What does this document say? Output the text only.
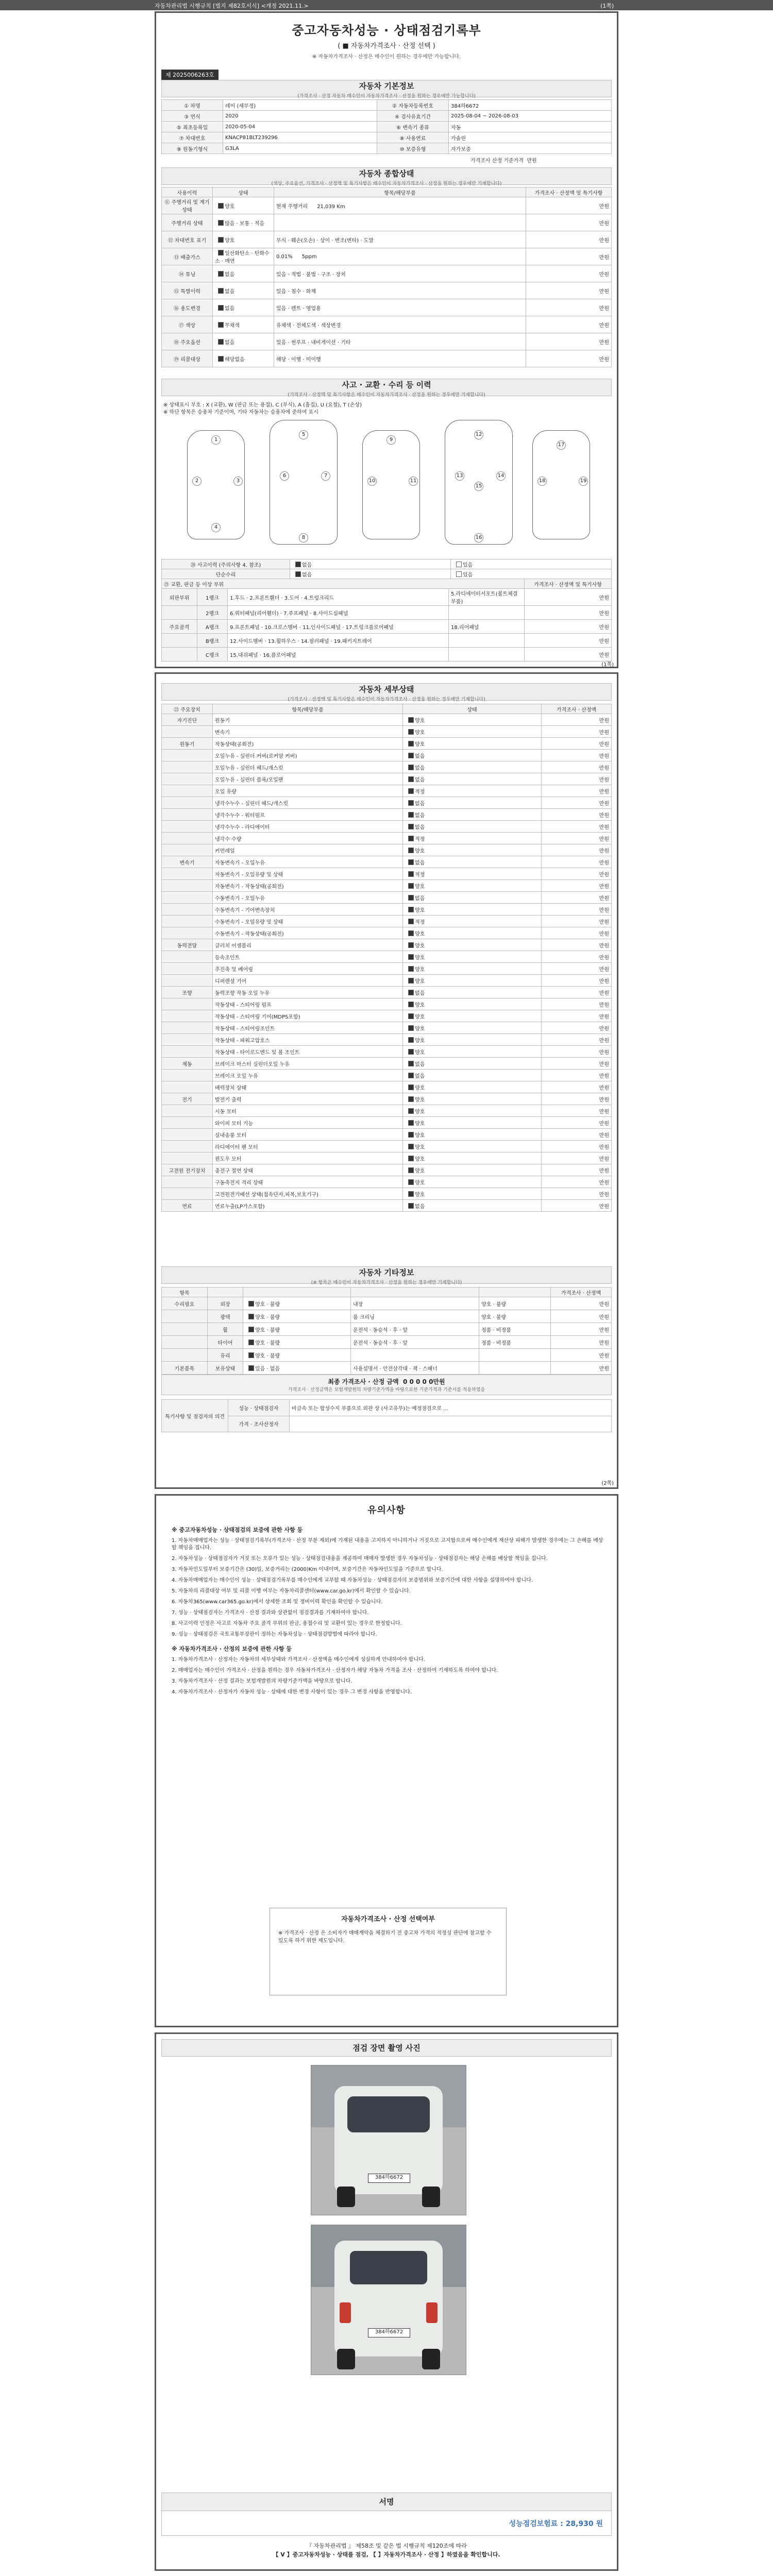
자동차관리법 시행규칙 [별지 제82호서식] <개정 2021.11.>	(1쪽)
중고자동차성능 · 상태점검기록부
( ■ 자동차가격조사 · 산정 선택 )
※ 자동차가격조사 · 산정은 매수인이 원하는 경우에만 가능합니다.
제 2025006263호
자동차 기본정보
(가격조사 · 산정 자동차 매수인이 자동차가격조사 · 산정을 원하는 경우에만 가능합니다)
① 차명	레이 (새부정)	② 자동차등록번호	384하6672
③ 연식	2020	④ 검사유효기간	2025-08-04 ~ 2026-08-03
⑤ 최초등록일	2020-05-04	⑥ 변속기 종류	자동
⑦ 차대번호	KNACP81BLT239296	⑧ 사용연료	가솔린
⑨ 원동기형식	G3LA	⑩ 보증유형	자가보증
가격조사 산정 기준가격 만원
자동차 종합상태
(색상, 주요옵션, 가격조사 · 산정액 및 특기사항은 매수인이 자동차가격조사 · 산정을 원하는 경우에만 기재합니다)
사용이력	상태	항목/해당부품	가격조사 · 산정액 및 특기사항
⑪ 주행거리 및 계기상태	양호	현재 주행거리 21,039 Km	만원
주행거리 상태	많음 · 보통 · 적음		만원
⑫ 차대번호 표기	양호	부식 · 훼손(오손) · 상이 · 변조(변타) · 도말	만원
⑬ 배출가스	일산화탄소 · 탄화수소 · 매연	0.01% 5ppm	만원
⑭ 튜닝	없음	있음 · 적법 · 불법 · 구조 · 장치	만원
⑮ 특별이력	없음	있음 · 침수 · 화재	만원
⑯ 용도변경	없음	있음 · 렌트 · 영업용	만원
⑰ 색상	무채색	유채색 · 전체도색 · 색상변경	만원
⑱ 주요옵션	없음	있음 · 썬루프 · 내비게이션 · 기타	만원
⑲ 리콜대상	해당없음	해당 · 이행 · 미이행	만원
사고 · 교환 · 수리 등 이력
(가격조사 · 산정액 및 특기사항은 매수인이 자동차가격조사 · 산정을 원하는 경우에만 기재합니다)
※ 상태표시 부호 : X (교환), W (판금 또는 용접), C (부식), A (흠집), U (요철), T (손상)
※ 하단 항목은 승용차 기준이며, 기타 자동차는 승용차에 준하여 표시
1
2	3
4
5
6	7
8
9
10	11
12
13	14
15
16
17
18	19
⑳ 사고이력 (주의사항 4. 참조)	없음	있음
단순수리	없음	있음
㉑ 교환, 판금 등 이상 부위				가격조사 · 산정액 및 특기사항
외판부위	1랭크	1.후드 · 2.프론트휀더 · 3.도어 · 4.트렁크리드	5.라디에이터서포트(볼트체결부품)	만원
	2랭크	6.쿼터패널(리어휀더) · 7.루프패널 · 8.사이드실패널		만원
주요골격	A랭크	9.프론트패널 · 10.크로스멤버 · 11.인사이드패널 · 17.트렁크플로어패널	18.리어패널	만원
	B랭크	12.사이드멤버 · 13.휠하우스 · 14.필러패널 · 19.패키지트레이		만원
	C랭크	15.대쉬패널 · 16.플로어패널		만원
(1쪽)
자동차 세부상태
(가격조사 · 산정액 및 특기사항은 매수인이 자동차가격조사 · 산정을 원하는 경우에만 기재합니다)
㉒ 주요장치	항목/해당부품	상태	가격조사 · 산정액
자기진단	원동기	양호	만원
	변속기	양호	만원
원동기	작동상태(공회전)	양호	만원
	오일누유 - 실린더 커버(로커암 커버)	없음	만원
	오일누유 - 실린더 헤드/개스킷	없음	만원
	오일누유 - 실린더 블록/오일팬	없음	만원
	오일 유량	적정	만원
	냉각수누수 - 실린더 헤드/개스킷	없음	만원
	냉각수누수 - 워터펌프	없음	만원
	냉각수누수 - 라디에이터	없음	만원
	냉각수 수량	적정	만원
	커먼레일	양호	만원
변속기	자동변속기 - 오일누유	없음	만원
	자동변속기 - 오일유량 및 상태	적정	만원
	자동변속기 - 작동상태(공회전)	양호	만원
	수동변속기 - 오일누유	없음	만원
	수동변속기 - 기어변속장치	양호	만원
	수동변속기 - 오일유량 및 상태	적정	만원
	수동변속기 - 작동상태(공회전)	양호	만원
동력전달	클러치 어셈블리	양호	만원
	등속조인트	양호	만원
	추진축 및 베어링	양호	만원
	디퍼렌셜 기어	양호	만원
조향	동력조향 작동 오일 누유	없음	만원
	작동상태 - 스티어링 펌프	양호	만원
	작동상태 - 스티어링 기어(MDPS포함)	양호	만원
	작동상태 - 스티어링조인트	양호	만원
	작동상태 - 파워고압호스	양호	만원
	작동상태 - 타이로드엔드 및 볼 조인트	양호	만원
제동	브레이크 마스터 실린더오일 누유	없음	만원
	브레이크 오일 누유	없음	만원
	배력장치 상태	양호	만원
전기	발전기 출력	양호	만원
	시동 모터	양호	만원
	와이퍼 모터 기능	양호	만원
	실내송풍 모터	양호	만원
	라디에이터 팬 모터	양호	만원
	윈도우 모터	양호	만원
고전원 전기장치	충전구 절연 상태	양호	만원
	구동축전지 격리 상태	양호	만원
	고전원전기배선 상태(접속단자,피복,보호기구)	양호	만원
연료	연료누출(LP가스포함)	없음	만원
자동차 기타정보
(※ 항목은 매수인이 자동차가격조사 · 산정을 원하는 경우에만 기재합니다)
항목					가격조사 · 산정액
수리필요	외장	양호 · 불량	내장	양호 · 불량	만원
	광택	양호 · 불량	룸 크리닝	양호 · 불량	만원
	휠	양호 · 불량	운전석 · 동승석 · 후 · 앞	정품 · 비정품	만원
	타이어	양호 · 불량	운전석 · 동승석 · 후 · 앞	정품 · 비정품	만원
	유리	양호 · 불량			만원
기본품목	보유상태	있음 · 없음	사용설명서 · 안전삼각대 · 잭 · 스패너		만원
최종 가격조사 · 산정 금액 0 0 0 0 0만원
가격조사 · 산정금액은 보험개발원의 차량기준가액을 바탕으로한 기준가격과 기준서를 적용하였음
특기사항 및 점검자의 의견	성능 · 상태점검자	비금속 또는 합성수지 부품으로 외관 상 (사고유무)는 예정점검으로 ...
	가격 · 조사산정자	
(2쪽)
유의사항

※ 중고자동차성능 · 상태점검의 보증에 관한 사항 등

1. 자동차매매업자는 성능 · 상태점검기록부(가격조사 · 산정 부분 제외)에 기재된 내용을 고지하지 아니하거나 거짓으로 고지함으로써 매수인에게 재산상 피해가 발생한 경우에는 그 손해를 배상할 책임을 집니다.

2. 자동차성능 · 상태점검자가 거짓 또는 오류가 있는 성능 · 상태점검내용을 제공하여 매매자 발생한 경우 자동차성능 · 상태점검자는 해당 손해를 배상할 책임을 집니다.

3. 자동차인도일부터 보증기간은 (30)일, 보증거리는 (2000)Km 이내이며, 보증기간은 자동차인도일을 기준으로 합니다.

4. 자동차매매업자는 매수인이 성능 · 상태점검기록부를 매수인에게 교부할 때 자동차성능 · 상태점검자의 보증범위와 보증기간에 대한 사항을 설명하여야 합니다.

5. 자동차의 리콜대상 여부 및 리콜 이행 여부는 자동차리콜센터(www.car.go.kr)에서 확인할 수 있습니다.

6. 자동차365(www.car365.go.kr)에서 상세한 조회 및 정비이력 확인을 확인할 수 있습니다.

7. 성능 · 상태점검자는 가격조사 · 산정 결과와 상관없이 점검결과를 기재하여야 합니다.

8. 사고이력 인정은 사고로 자동차 주요 골격 부위의 판금, 용접수리 및 교환이 있는 경우로 한정합니다.

9. 성능 · 상태점검은 국토교통부장관이 정하는 자동차성능 · 상태점검방법에 따라야 합니다.

※ 자동차가격조사 · 산정의 보증에 관한 사항 등

1. 자동차가격조사 · 산정자는 자동차의 세부상태와 가격조사 · 산정액을 매수인에게 성실하게 안내하여야 합니다.

2. 매매업자는 매수인이 가격조사 · 산정을 원하는 경우 자동차가격조사 · 산정자가 해당 자동차 가격을 조사 · 산정하여 기재하도록 하여야 합니다.

3. 자동차가격조사 · 산정 결과는 보험개발원의 차량기준가액을 바탕으로 합니다.

4. 자동차가격조사 · 산정자가 자동차 성능 · 상태에 대한 변경 사항이 있는 경우 그 변경 사항을 반영합니다.

자동차가격조사 · 산정 선택여부
※ 가격조사 · 산정 은 소비자가 매매계약을 체결하기 전 중고차 가격의 적정성 판단에 참고할 수 있도록 하기 위한 제도입니다.
점검 장면 촬영 사진
384하6672
384하6672
서명
성능점검보험료 : 28,930 원
『 자동차관리법 』 제58조 및 같은 법 시행규칙 제120조에 따라
【 V 】중고자동차성능 · 상태를 점검, 【 】자동차가격조사 · 산정 】하였음을 확인합니다.
